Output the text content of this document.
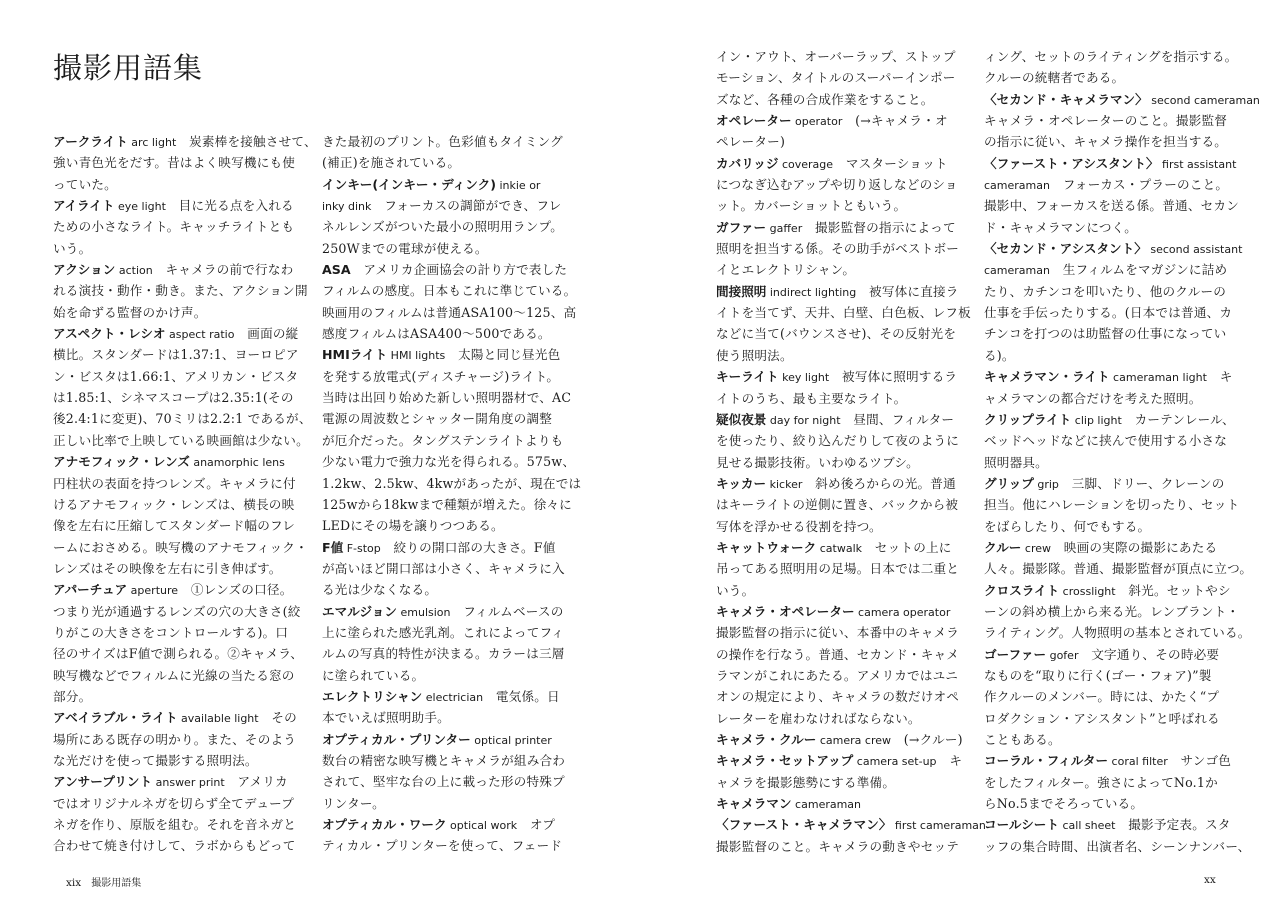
撮影用語集
アークライト arc light　炭素棒を接触させて、
強い青色光をだす。昔はよく映写機にも使
っていた。
アイライト eye light　目に光る点を入れる
ための小さなライト。キャッチライトとも
いう。
アクション action　キャメラの前で行なわ
れる演技・動作・動き。また、アクション開
始を命ずる監督のかけ声。
アスペクト・レシオ aspect ratio　画面の縦
横比。スタンダードは1.37:1、ヨーロピア
ン・ビスタは1.66:1、アメリカン・ビスタ
は1.85:1、シネマスコープは2.35:1(その
後2.4:1に変更)、70ミリは2.2:1 であるが、
正しい比率で上映している映画館は少ない。
アナモフィック・レンズ anamorphic lens
円柱状の表面を持つレンズ。キャメラに付
けるアナモフィック・レンズは、横長の映
像を左右に圧縮してスタンダード幅のフレ
ームにおさめる。映写機のアナモフィック・
レンズはその映像を左右に引き伸ばす。
アパーチュア aperture　①レンズの口径。
つまり光が通過するレンズの穴の大きさ(絞
りがこの大きさをコントロールする)。口
径のサイズはF値で測られる。②キャメラ、
映写機などでフィルムに光線の当たる窓の
部分。
アベイラブル・ライト available light　その
場所にある既存の明かり。また、そのよう
な光だけを使って撮影する照明法。
アンサープリント answer print　アメリカ
ではオリジナルネガを切らず全てデュープ
ネガを作り、原版を組む。それを音ネガと
合わせて焼き付けして、ラボからもどって
きた最初のプリント。色彩値もタイミング
(補正)を施されている。
インキー(インキー・ディンク) inkie or
inky dink　フォーカスの調節ができ、フレ
ネルレンズがついた最小の照明用ランプ。
250Wまでの電球が使える。
ASA　アメリカ企画協会の計り方で表した
フィルムの感度。日本もこれに準じている。
映画用のフィルムは普通ASA100〜125、高
感度フィルムはASA400〜500である。
HMIライト HMI lights　太陽と同じ昼光色
を発する放電式(ディスチャージ)ライト。
当時は出回り始めた新しい照明器材で、AC
電源の周波数とシャッター開角度の調整
が厄介だった。タングステンライトよりも
少ない電力で強力な光を得られる。575w、
1.2kw、2.5kw、4kwがあったが、現在では
125wから18kwまで種類が増えた。徐々に
LEDにその場を譲りつつある。
F値 F-stop　絞りの開口部の大きさ。F値
が高いほど開口部は小さく、キャメラに入
る光は少なくなる。
エマルジョン emulsion　フィルムベースの
上に塗られた感光乳剤。これによってフィ
ルムの写真的特性が決まる。カラーは三層
に塗られている。
エレクトリシャン electrician　電気係。日
本でいえば照明助手。
オプティカル・プリンター optical printer
数台の精密な映写機とキャメラが組み合わ
されて、堅牢な台の上に載った形の特殊プ
リンター。
オプティカル・ワーク optical work　オプ
ティカル・プリンターを使って、フェード
イン・アウト、オーバーラップ、ストップ
モーション、タイトルのスーパーインポー
ズなど、各種の合成作業をすること。
オペレーター operator　(→キャメラ・オ
ペレーター)
カバリッジ coverage　マスターショット
につなぎ込むアップや切り返しなどのショ
ット。カバーショットともいう。
ガファー gaffer　撮影監督の指示によって
照明を担当する係。その助手がベストボー
イとエレクトリシャン。
間接照明 indirect lighting　被写体に直接ラ
イトを当てず、天井、白壁、白色板、レフ板
などに当て(バウンスさせ)、その反射光を
使う照明法。
キーライト key light　被写体に照明するラ
イトのうち、最も主要なライト。
疑似夜景 day for night　昼間、フィルター
を使ったり、絞り込んだりして夜のように
見せる撮影技術。いわゆるツブシ。
キッカー kicker　斜め後ろからの光。普通
はキーライトの逆側に置き、バックから被
写体を浮かせる役割を持つ。
キャットウォーク catwalk　セットの上に
吊ってある照明用の足場。日本では二重と
いう。
キャメラ・オペレーター camera operator
撮影監督の指示に従い、本番中のキャメラ
の操作を行なう。普通、セカンド・キャメ
ラマンがこれにあたる。アメリカではユニ
オンの規定により、キャメラの数だけオペ
レーターを雇わなければならない。
キャメラ・クルー camera crew　(→クルー)
キャメラ・セットアップ camera set-up　キ
ャメラを撮影態勢にする準備。
キャメラマン cameraman
〈ファースト・キャメラマン〉 first cameraman
撮影監督のこと。キャメラの動きやセッテ
ィング、セットのライティングを指示する。
クルーの統轄者である。
〈セカンド・キャメラマン〉 second cameraman
キャメラ・オペレーターのこと。撮影監督
の指示に従い、キャメラ操作を担当する。
〈ファースト・アシスタント〉 first assistant
cameraman　フォーカス・プラーのこと。
撮影中、フォーカスを送る係。普通、セカン
ド・キャメラマンにつく。
〈セカンド・アシスタント〉 second assistant
cameraman　生フィルムをマガジンに詰め
たり、カチンコを叩いたり、他のクルーの
仕事を手伝ったりする。(日本では普通、カ
チンコを打つのは助監督の仕事になってい
る)。
キャメラマン・ライト cameraman light　キ
ャメラマンの都合だけを考えた照明。
クリップライト clip light　カーテンレール、
ベッドヘッドなどに挟んで使用する小さな
照明器具。
グリップ grip　三脚、ドリー、クレーンの
担当。他にハレーションを切ったり、セット
をばらしたり、何でもする。
クルー crew　映画の実際の撮影にあたる
人々。撮影隊。普通、撮影監督が頂点に立つ。
クロスライト crosslight　斜光。セットやシ
ーンの斜め横上から来る光。レンブラント・
ライティング。人物照明の基本とされている。
ゴーファー gofer　文字通り、その時必要
なものを“取りに行く(ゴー・フォア)”製
作クルーのメンバー。時には、かたく“プ
ロダクション・アシスタント”と呼ばれる
こともある。
コーラル・フィルター coral filter　サンゴ色
をしたフィルター。強さによってNo.1か
らNo.5までそろっている。
コールシート call sheet　撮影予定表。スタ
ッフの集合時間、出演者名、シーンナンバー、
xix 撮影用語集	xx
